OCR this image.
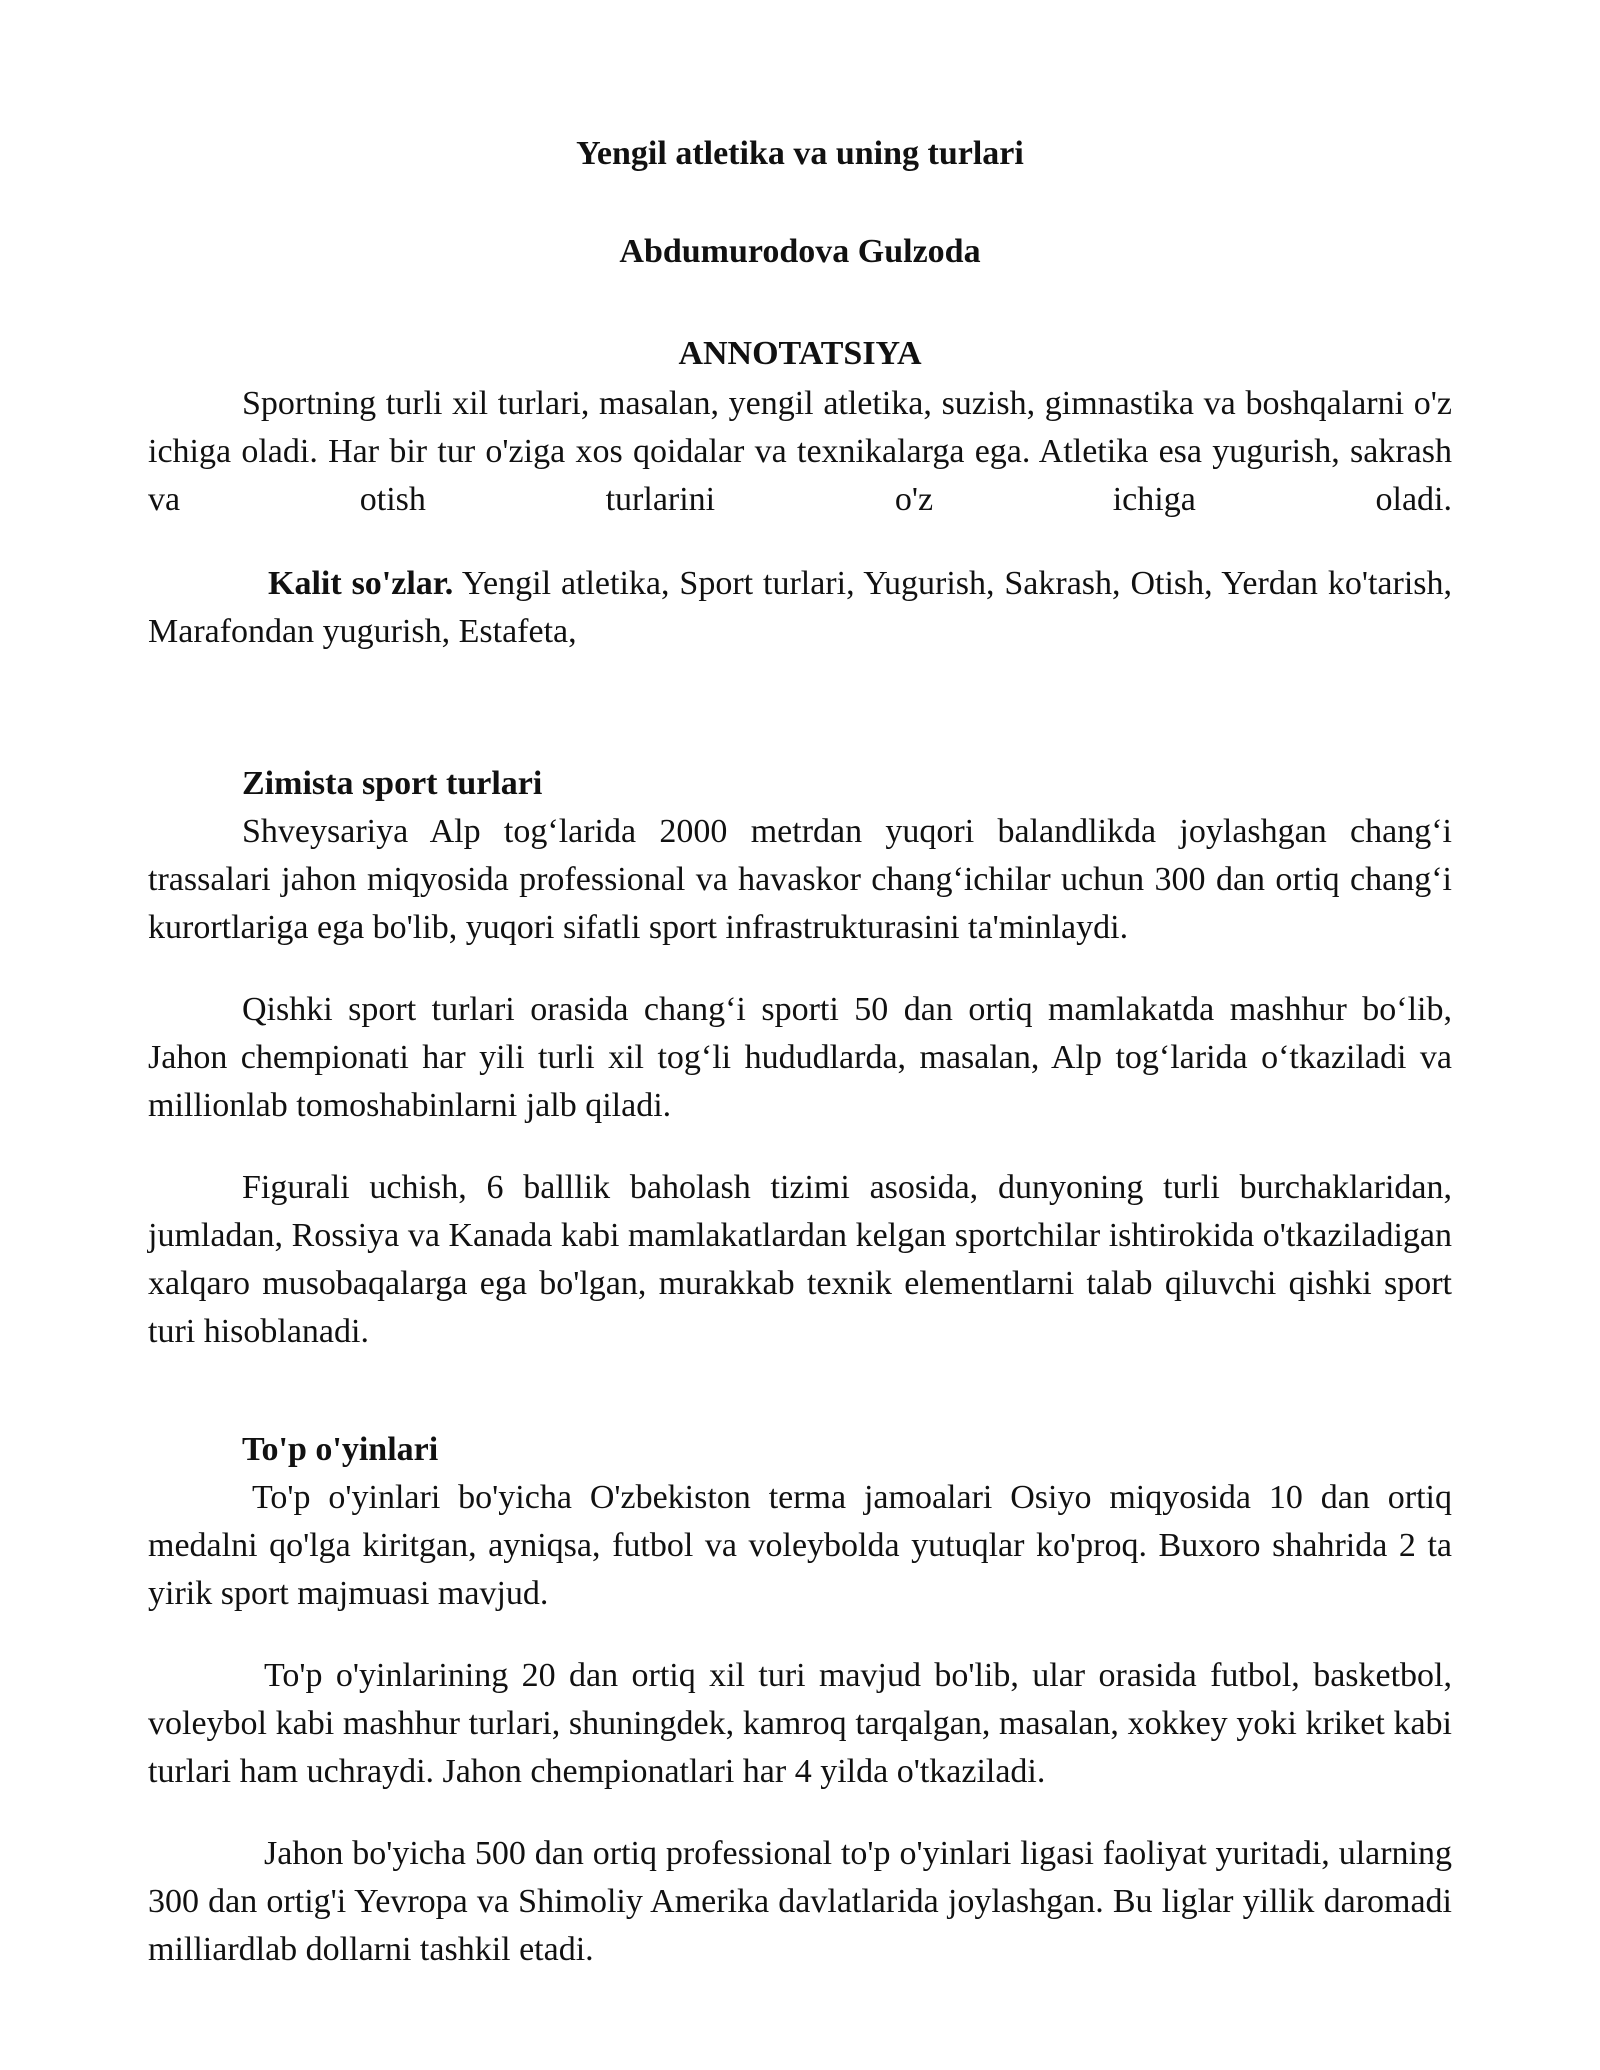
Yengil atletika va uning turlari
Abdumurodova Gulzoda
ANNOTATSIYA

Sportning turli xil turlari, masalan, yengil atletika, suzish, gimnastika va boshqalarni o'z ichiga oladi. Har bir tur o'ziga xos qoidalar va texnikalarga ega. Atletika esa yugurish, sakrash va otish turlarini o'z ichiga oladi.

Kalit so'zlar. Yengil atletika, Sport turlari, Yugurish, Sakrash, Otish, Yerdan ko'tarish, Marafondan yugurish, Estafeta,

Zimista sport turlari

Shveysariya Alp tog‘larida 2000 metrdan yuqori balandlikda joylashgan chang‘i trassalari jahon miqyosida professional va havaskor chang‘ichilar uchun 300 dan ortiq chang‘i kurortlariga ega bo'lib, yuqori sifatli sport infrastrukturasini ta'minlaydi.

Qishki sport turlari orasida chang‘i sporti 50 dan ortiq mamlakatda mashhur bo‘lib, Jahon chempionati har yili turli xil tog‘li hududlarda, masalan, Alp tog‘larida o‘tkaziladi va millionlab tomoshabinlarni jalb qiladi.

Figurali uchish, 6 balllik baholash tizimi asosida, dunyoning turli burchaklaridan, jumladan, Rossiya va Kanada kabi mamlakatlardan kelgan sportchilar ishtirokida o'tkaziladigan xalqaro musobaqalarga ega bo'lgan, murakkab texnik elementlarni talab qiluvchi qishki sport turi hisoblanadi.

To'p o'yinlari

To'p o'yinlari bo'yicha O'zbekiston terma jamoalari Osiyo miqyosida 10 dan ortiq medalni qo'lga kiritgan, ayniqsa, futbol va voleybolda yutuqlar ko'proq. Buxoro shahrida 2 ta yirik sport majmuasi mavjud.

To'p o'yinlarining 20 dan ortiq xil turi mavjud bo'lib, ular orasida futbol, basketbol, voleybol kabi mashhur turlari, shuningdek, kamroq tarqalgan, masalan, xokkey yoki kriket kabi turlari ham uchraydi. Jahon chempionatlari har 4 yilda o'tkaziladi.

Jahon bo'yicha 500 dan ortiq professional to'p o'yinlari ligasi faoliyat yuritadi, ularning 300 dan ortig'i Yevropa va Shimoliy Amerika davlatlarida joylashgan. Bu liglar yillik daromadi milliardlab dollarni tashkil etadi.
